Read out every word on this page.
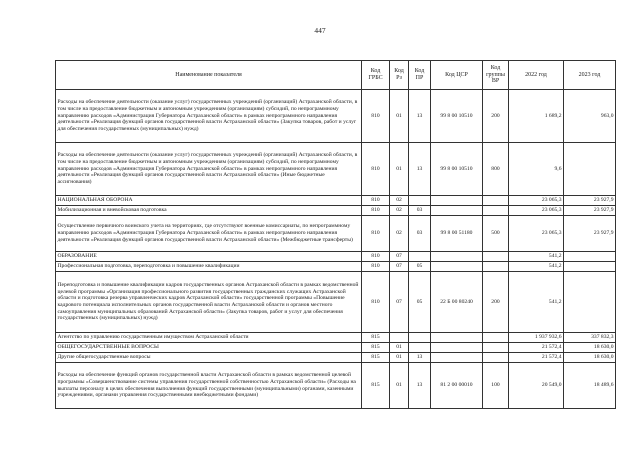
447
Наименование показателя	Код ГРБС	Код Рз	Код ПР	Код ЦСР	Код группы ВР	2022 год	2023 год
Расходы на обеспечение деятельности (оказание услуг) государственных учреждений (организаций) Астраханской области, в том числе на предоставление бюджетным и автономным учреждениям (организациям) субсидий, по непрограммному направлению расходов «Администрация Губернатора Астраханской области» в рамках непрограммного направления деятельности «Реализация функций органов государственной власти Астраханской области» (Закупка товаров, работ и услуг для обеспечения государственных (муниципальных) нужд)	810	01	13	99 8 00 10510	200	1 689,2	963,0
Расходы на обеспечение деятельности (оказание услуг) государственных учреждений (организаций) Астраханской области, в том числе на предоставление бюджетным и автономным учреждениям (организациям) субсидий, по непрограммному направлению расходов «Администрация Губернатора Астраханской области» в рамках непрограммного направления деятельности «Реализация функций органов государственной власти Астраханской области» (Иные бюджетные ассигнования)	810	01	13	99 8 00 10510	800	9,6	
НАЦИОНАЛЬНАЯ ОБОРОНА	810	02				23 065,3	23 927,9
Мобилизационная и вневойсковая подготовка	810	02	03			23 065,3	23 927,9
Осуществление первичного воинского учета на территориях, где отсутствуют военные комиссариаты, по непрограммному направлению расходов «Администрация Губернатора Астраханской области» в рамках непрограммного направления деятельности «Реализация функций органов государственной власти Астраханской области» (Межбюджетные трансферты)	810	02	03	99 8 00 51180	500	23 065,3	23 927,9
ОБРАЗОВАНИЕ	810	07				541,2	
Профессиональная подготовка, переподготовка и повышение квалификации	810	07	05			541,2	
Переподготовка и повышение квалификации кадров государственных органов Астраханской области в рамках ведомственной целевой программы «Организация профессионального развития государственных гражданских служащих Астраханской области и подготовка резерва управленческих кадров Астраханской области» государственной программы «Повышение кадрового потенциала исполнительных органов государственной власти Астраханской области и органов местного самоуправления муниципальных образований Астраханской области» (Закупка товаров, работ и услуг для обеспечения государственных (муниципальных) нужд)	810	07	05	22 Б 00 80240	200	541,2	
Агентство по управлению государственным имуществом Астраханской области	815					1 937 932,6	337 832,3
ОБЩЕГОСУДАРСТВЕННЫЕ ВОПРОСЫ	815	01				21 572,4	18 630,0
Другие общегосударственные вопросы	815	01	13			21 572,4	18 630,0
Расходы на обеспечение функций органов государственной власти Астраханской области в рамках ведомственной целевой программы «Совершенствование системы управления государственной собственностью Астраханской области» (Расходы на выплаты персоналу в целях обеспечения выполнения функций государственными (муниципальными) органами, казенными учреждениями, органами управления государственными внебюджетными фондами)	815	01	13	81 2 00 00010	100	20 549,0	18 489,6
